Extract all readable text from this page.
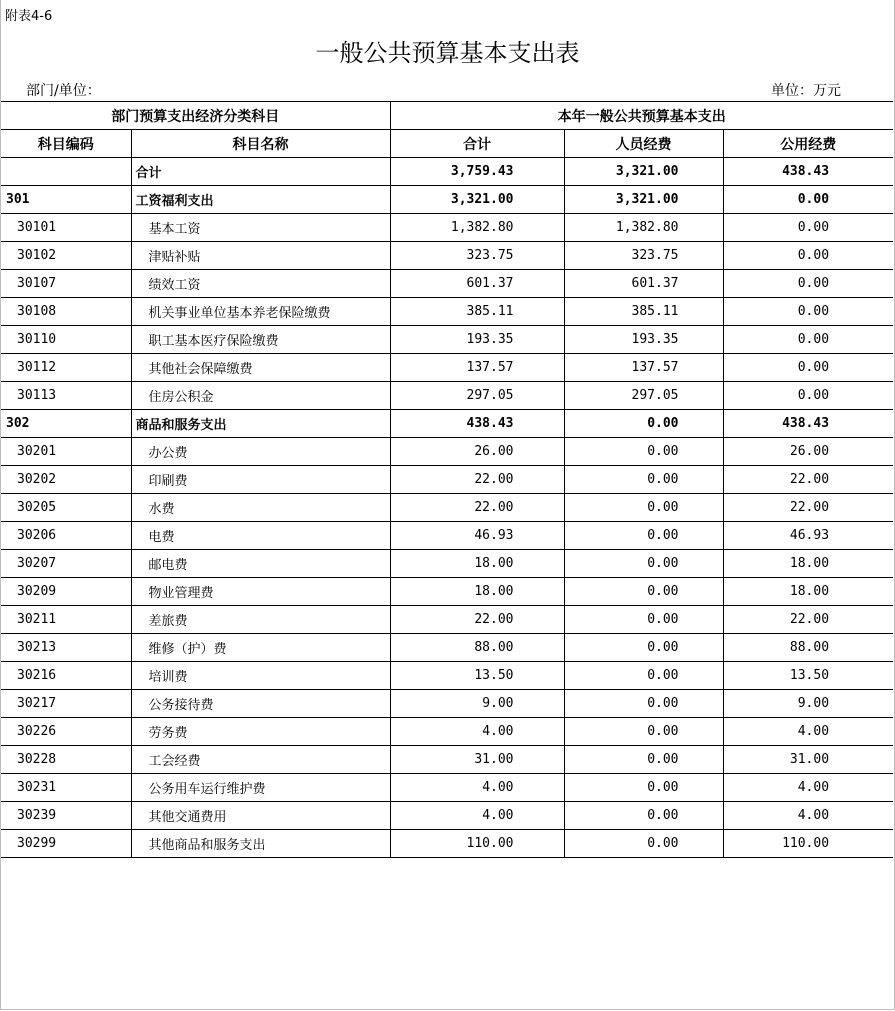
附表4-6
一般公共预算基本支出表
部门/单位：	单位：万元
部门预算支出经济分类科目		本年一般公共预算基本支出		
科目编码	科目名称	合计	人员经费	公用经费
	合计	3,759.43	3,321.00	438.43
301	工资福利支出	3,321.00	3,321.00	0.00
30101	基本工资	1,382.80	1,382.80	0.00
30102	津贴补贴	323.75	323.75	0.00
30107	绩效工资	601.37	601.37	0.00
30108	机关事业单位基本养老保险缴费	385.11	385.11	0.00
30110	职工基本医疗保险缴费	193.35	193.35	0.00
30112	其他社会保障缴费	137.57	137.57	0.00
30113	住房公积金	297.05	297.05	0.00
302	商品和服务支出	438.43	0.00	438.43
30201	办公费	26.00	0.00	26.00
30202	印刷费	22.00	0.00	22.00
30205	水费	22.00	0.00	22.00
30206	电费	46.93	0.00	46.93
30207	邮电费	18.00	0.00	18.00
30209	物业管理费	18.00	0.00	18.00
30211	差旅费	22.00	0.00	22.00
30213	维修（护）费	88.00	0.00	88.00
30216	培训费	13.50	0.00	13.50
30217	公务接待费	9.00	0.00	9.00
30226	劳务费	4.00	0.00	4.00
30228	工会经费	31.00	0.00	31.00
30231	公务用车运行维护费	4.00	0.00	4.00
30239	其他交通费用	4.00	0.00	4.00
30299	其他商品和服务支出	110.00	0.00	110.00
